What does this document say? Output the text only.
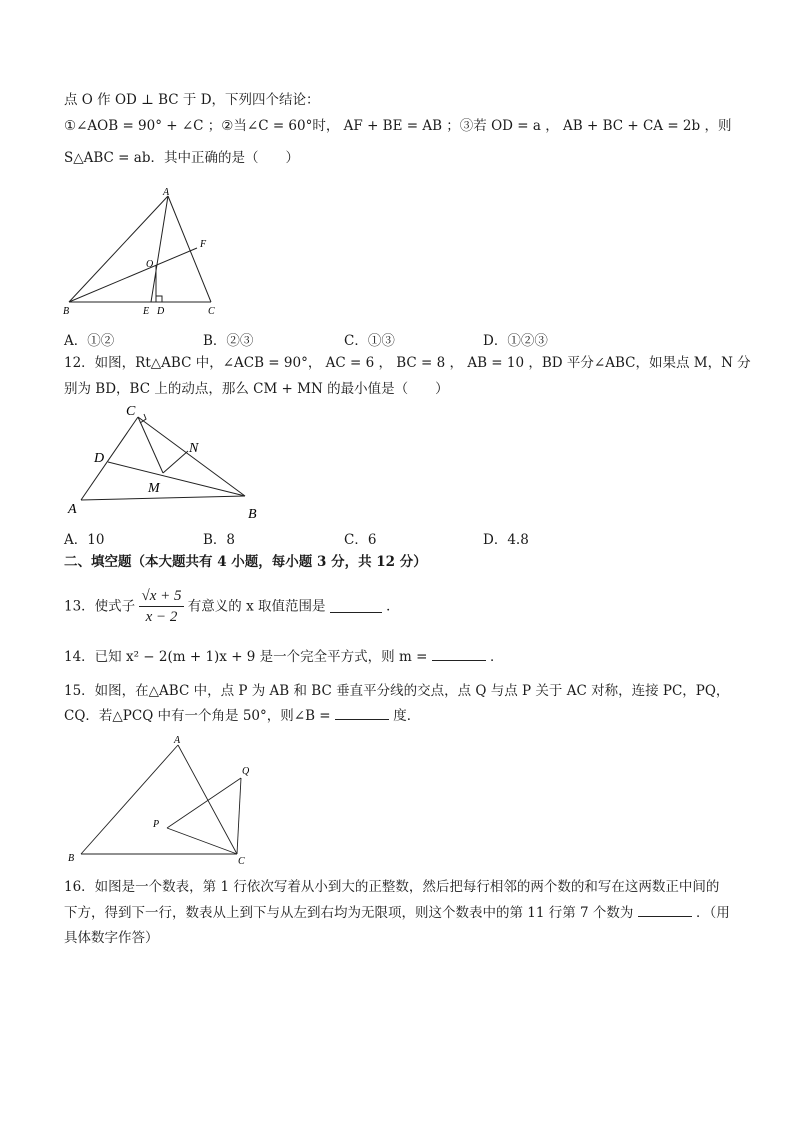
点 O 作 OD ⊥ BC 于 D，下列四个结论：
①∠AOB = 90° + ∠C ；②当∠C = 60°时， AF + BE = AB ；③若 OD = a ， AB + BC + CA = 2b ，则
S△ABC = ab．其中正确的是（　　）
A
F
O
B	E D	C
A．①②	B．②③	C．①③	D．①②③
12．如图，Rt△ABC 中，∠ACB = 90°， AC = 6 ， BC = 8 ， AB = 10 ，BD 平分∠ABC，如果点 M，N 分
别为 BD，BC 上的动点，那么 CM + MN 的最小值是（　　）
C
D
N
M
A	B
A．10	B．8	C．6	D．4.8
二、填空题（本大题共有 4 小题，每小题 3 分，共 12 分）
13．使式子 $\frac{√x + 5}{x - 2}$ 有意义的 x 取值范围是	．
14．已知 x² − 2(m + 1)x + 9 是一个完全平方式，则 m =	．
15．如图，在△ABC 中，点 P 为 AB 和 BC 垂直平分线的交点，点 Q 与点 P 关于 AC 对称，连接 PC，PQ，
CQ．若△PCQ 中有一个角是 50°，则∠B =	度．
A
Q
P
B	C
16．如图是一个数表，第 1 行依次写着从小到大的正整数，然后把每行相邻的两个数的和写在这两数正中间的
下方，得到下一行，数表从上到下与从左到右均为无限项，则这个数表中的第 11 行第 7 个数为	．（用
具体数字作答）
